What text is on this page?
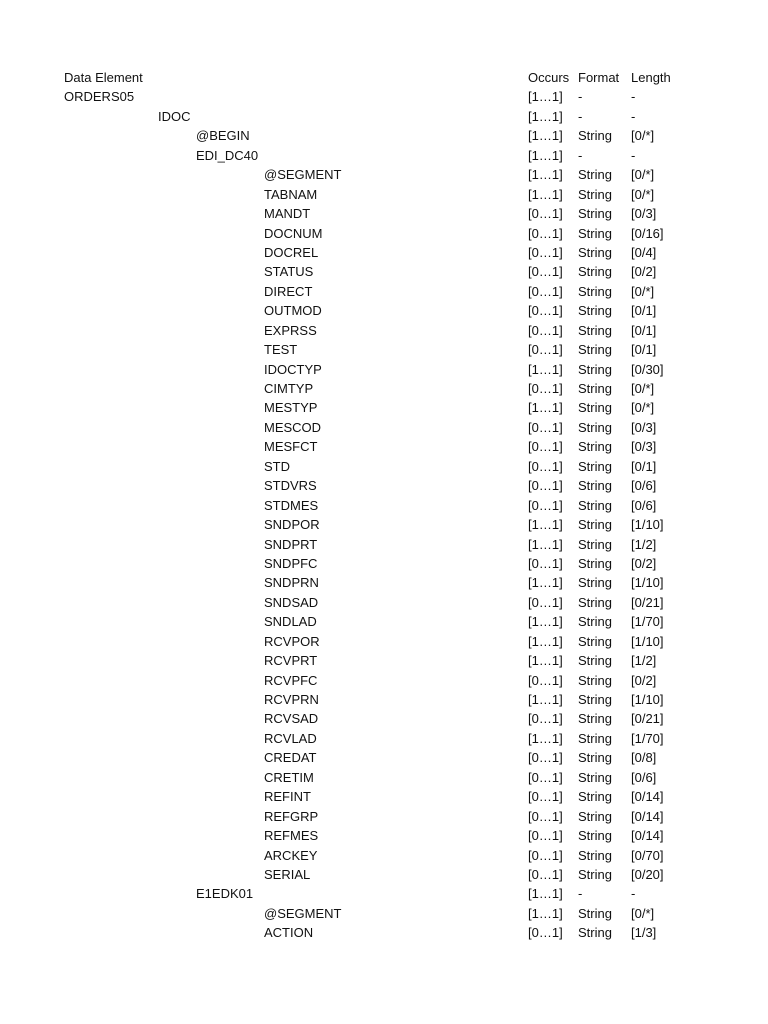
Data Element	Occurs Format Length
ORDERS05	[1…1] -	-
IDOC	[1…1] -	-
@BEGIN	[1…1] String [0/*]
EDI_DC40	[1…1] -	-
@SEGMENT	[1…1] String [0/*]
TABNAM	[1…1] String [0/*]
MANDT	[0…1] String [0/3]
DOCNUM	[0…1] String [0/16]
DOCREL	[0…1] String [0/4]
STATUS	[0…1] String [0/2]
DIRECT	[0…1] String [0/*]
OUTMOD	[0…1] String [0/1]
EXPRSS	[0…1] String [0/1]
TEST	[0…1] String [0/1]
IDOCTYP	[1…1] String [0/30]
CIMTYP	[0…1] String [0/*]
MESTYP	[1…1] String [0/*]
MESCOD	[0…1] String [0/3]
MESFCT	[0…1] String [0/3]
STD	[0…1] String [0/1]
STDVRS	[0…1] String [0/6]
STDMES	[0…1] String [0/6]
SNDPOR	[1…1] String [1/10]
SNDPRT	[1…1] String [1/2]
SNDPFC	[0…1] String [0/2]
SNDPRN	[1…1] String [1/10]
SNDSAD	[0…1] String [0/21]
SNDLAD	[1…1] String [1/70]
RCVPOR	[1…1] String [1/10]
RCVPRT	[1…1] String [1/2]
RCVPFC	[0…1] String [0/2]
RCVPRN	[1…1] String [1/10]
RCVSAD	[0…1] String [0/21]
RCVLAD	[1…1] String [1/70]
CREDAT	[0…1] String [0/8]
CRETIM	[0…1] String [0/6]
REFINT	[0…1] String [0/14]
REFGRP	[0…1] String [0/14]
REFMES	[0…1] String [0/14]
ARCKEY	[0…1] String [0/70]
SERIAL	[0…1] String [0/20]
E1EDK01	[1…1] -	-
@SEGMENT	[1…1] String [0/*]
ACTION	[0…1] String [1/3]
